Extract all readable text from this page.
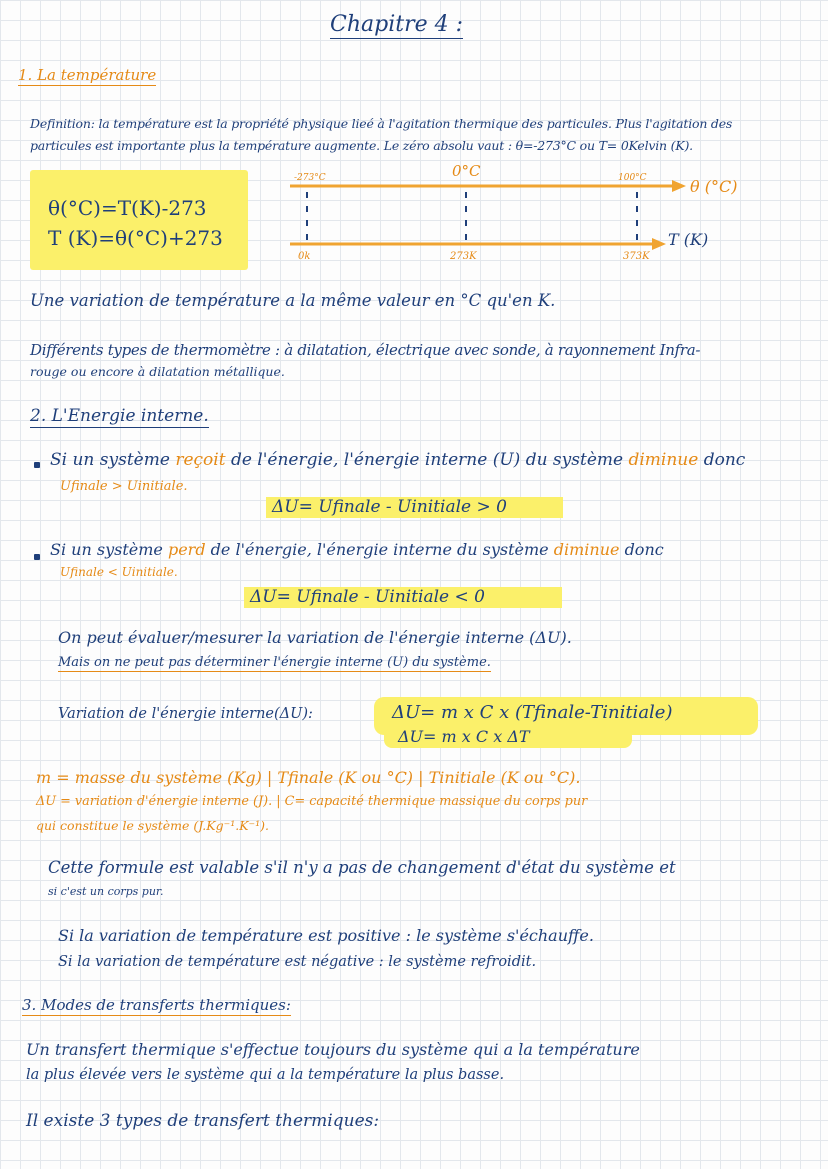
Chapitre 4 :
1. La température
Definition: la température est la propriété physique lieé à l'agitation thermique des particules. Plus l'agitation des
particules est importante plus la température augmente. Le zéro absolu vaut : θ=-273°C ou T= 0Kelvin (K).
θ(°C)=T(K)-273
T (K)=θ(°C)+273
-273°C	0°C	100°C	θ (°C)
0k	273K	373K
T (K)
Une variation de température a la même valeur en °C qu'en K.
Différents types de thermomètre : à dilatation, électrique avec sonde, à rayonnement Infra-
rouge ou encore à dilatation métallique.
2. L'Energie interne.
Si un système reçoit de l'énergie, l'énergie interne (U) du système diminue donc
Ufinale > Uinitiale.
ΔU= Ufinale - Uinitiale > 0
Si un système perd de l'énergie, l'énergie interne du système diminue donc
Ufinale < Uinitiale.
ΔU= Ufinale - Uinitiale < 0
On peut évaluer/mesurer la variation de l'énergie interne (ΔU).
Mais on ne peut pas déterminer l'énergie interne (U) du système.
Variation de l'énergie interne(ΔU):	ΔU= m x C x (Tfinale-Tinitiale)
ΔU= m x C x ΔT
m = masse du système (Kg) | Tfinale (K ou °C) | Tinitiale (K ou °C).
ΔU = variation d'énergie interne (J). | C= capacité thermique massique du corps pur
qui constitue le système (J.Kg⁻¹.K⁻¹).
Cette formule est valable s'il n'y a pas de changement d'état du système et
si c'est un corps pur.
Si la variation de température est positive : le système s'échauffe.
Si la variation de température est négative : le système refroidit.
3. Modes de transferts thermiques:
Un transfert thermique s'effectue toujours du système qui a la température
la plus élevée vers le système qui a la température la plus basse.
Il existe 3 types de transfert thermiques:
